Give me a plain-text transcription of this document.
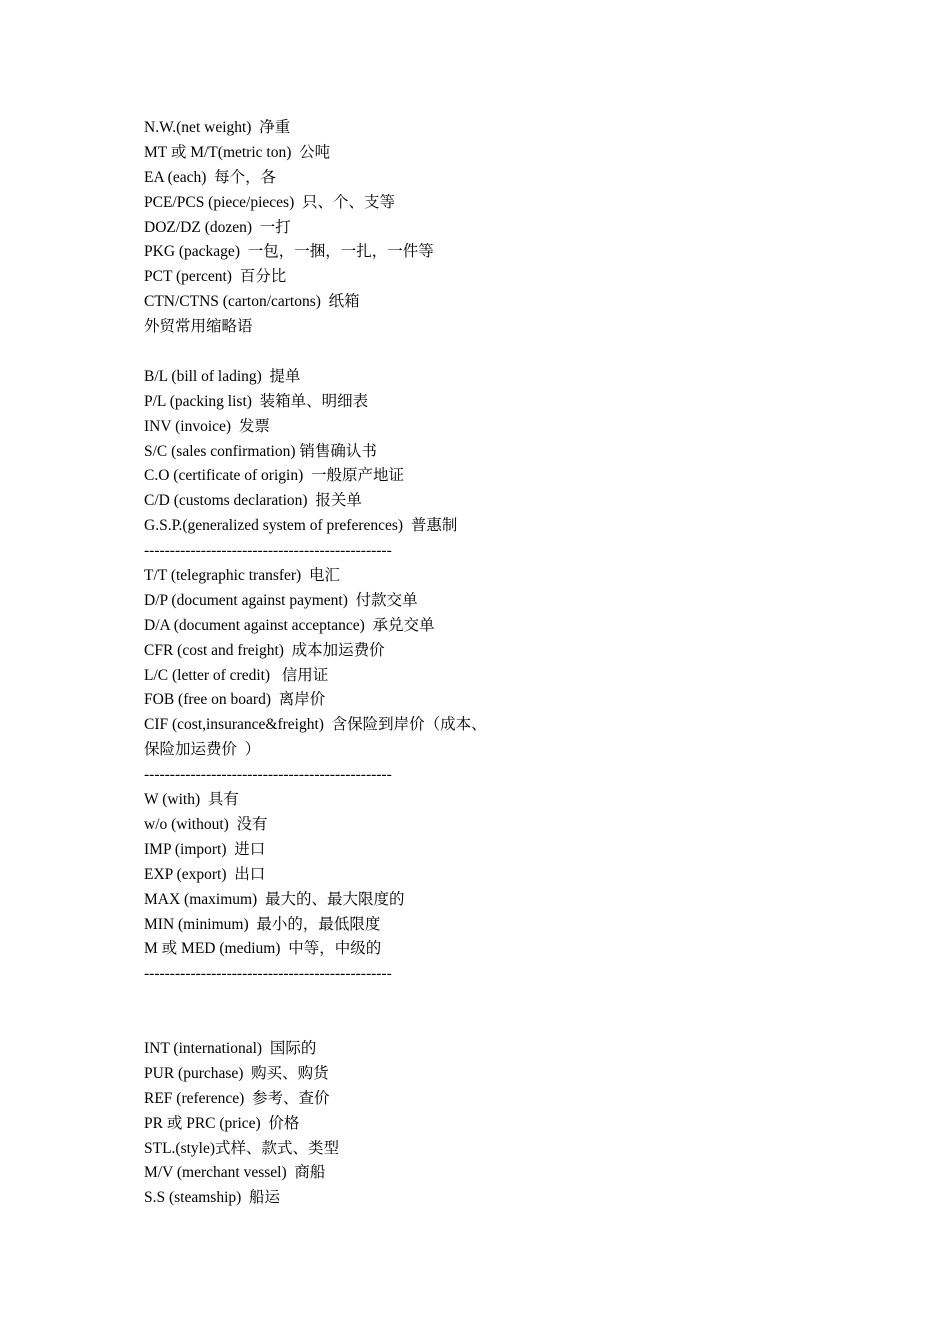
N.W.(net weight)  净重
MT 或 M/T(metric ton)  公吨
EA (each)  每个，各
PCE/PCS (piece/pieces)  只、个、支等
DOZ/DZ (dozen)  一打
PKG (package)  一包，一捆，一扎，一件等
PCT (percent)  百分比
CTN/CTNS (carton/cartons)  纸箱
外贸常用缩略语
B/L (bill of lading)  提单
P/L (packing list)  装箱单、明细表
INV (invoice)  发票
S/C (sales confirmation) 销售确认书
C.O (certificate of origin)  一般原产地证
C/D (customs declaration)  报关单
G.S.P.(generalized system of preferences)  普惠制
------------------------------------------------
T/T (telegraphic transfer)  电汇
D/P (document against payment)  付款交单
D/A (document against acceptance)  承兑交单
CFR (cost and freight)  成本加运费价
L/C (letter of credit)   信用证
FOB (free on board)  离岸价
CIF (cost,insurance&freight)  含保险到岸价（成本、
保险加运费价  ）
------------------------------------------------
W (with)  具有
w/o (without)  没有
IMP (import)  进口
EXP (export)  出口
MAX (maximum)  最大的、最大限度的
MIN (minimum)  最小的，最低限度
M 或 MED (medium)  中等，中级的
------------------------------------------------
INT (international)  国际的
PUR (purchase)  购买、购货
REF (reference)  参考、查价
PR 或 PRC (price)  价格
STL.(style)式样、款式、类型
M/V (merchant vessel)  商船
S.S (steamship)  船运
